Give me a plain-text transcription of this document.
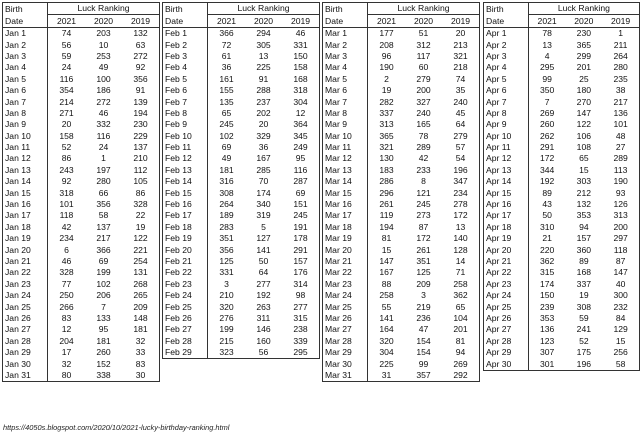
Birth	Luck Ranking		
Date	2021	2020	2019
Jan 1	74	203	132
Jan 2	56	10	63
Jan 3	59	253	272
Jan 4	24	49	92
Jan 5	116	100	356
Jan 6	354	186	91
Jan 7	214	272	139
Jan 8	271	46	194
Jan 9	20	332	230
Jan 10	158	116	229
Jan 11	52	24	137
Jan 12	86	1	210
Jan 13	243	197	112
Jan 14	92	280	105
Jan 15	318	66	86
Jan 16	101	356	328
Jan 17	118	58	22
Jan 18	42	137	19
Jan 19	234	217	122
Jan 20	6	366	221
Jan 21	46	69	254
Jan 22	328	199	131
Jan 23	77	102	268
Jan 24	250	206	265
Jan 25	266	7	209
Jan 26	83	133	148
Jan 27	12	95	181
Jan 28	204	181	32
Jan 29	17	260	33
Jan 30	32	152	83
Jan 31	80	338	30
Birth	Luck Ranking		
Date	2021	2020	2019
Feb 1	366	294	46
Feb 2	72	305	331
Feb 3	61	13	150
Feb 4	36	225	158
Feb 5	161	91	168
Feb 6	155	288	318
Feb 7	135	237	304
Feb 8	65	202	12
Feb 9	245	20	364
Feb 10	102	329	345
Feb 11	69	36	249
Feb 12	49	167	95
Feb 13	181	285	116
Feb 14	316	70	287
Feb 15	308	174	69
Feb 16	264	340	151
Feb 17	189	319	245
Feb 18	283	5	191
Feb 19	351	127	178
Feb 20	356	141	291
Feb 21	125	50	157
Feb 22	331	64	176
Feb 23	3	277	314
Feb 24	210	192	98
Feb 25	320	263	277
Feb 26	276	311	315
Feb 27	199	146	238
Feb 28	215	160	339
Feb 29	323	56	295
Birth	Luck Ranking		
Date	2021	2020	2019
Mar 1	177	51	20
Mar 2	208	312	213
Mar 3	96	117	321
Mar 4	190	60	218
Mar 5	2	279	74
Mar 6	19	200	35
Mar 7	282	327	240
Mar 8	337	240	45
Mar 9	313	165	64
Mar 10	365	78	279
Mar 11	321	289	57
Mar 12	130	42	54
Mar 13	183	233	196
Mar 14	286	8	347
Mar 15	296	121	234
Mar 16	261	245	278
Mar 17	119	273	172
Mar 18	194	87	13
Mar 19	81	172	140
Mar 20	15	261	128
Mar 21	147	351	14
Mar 22	167	125	71
Mar 23	88	209	258
Mar 24	258	3	362
Mar 25	55	219	65
Mar 26	141	236	104
Mar 27	164	47	201
Mar 28	320	154	81
Mar 29	304	154	94
Mar 30	225	99	269
Mar 31	31	357	292
Birth	Luck Ranking		
Date	2021	2020	2019
Apr 1	78	230	1
Apr 2	13	365	211
Apr 3	4	299	264
Apr 4	295	201	280
Apr 5	99	25	235
Apr 6	350	180	38
Apr 7	7	270	217
Apr 8	269	147	136
Apr 9	260	122	101
Apr 10	262	106	48
Apr 11	291	108	27
Apr 12	172	65	289
Apr 13	344	15	113
Apr 14	192	303	190
Apr 15	89	212	93
Apr 16	43	132	126
Apr 17	50	353	313
Apr 18	310	94	200
Apr 19	21	157	297
Apr 20	220	360	118
Apr 21	362	89	87
Apr 22	315	168	147
Apr 23	174	337	40
Apr 24	150	19	300
Apr 25	239	308	232
Apr 26	353	59	84
Apr 27	136	241	129
Apr 28	123	52	15
Apr 29	307	175	256
Apr 30	301	196	58
https://4050s.blogspot.com/2020/10/2021-lucky-birthday-ranking.html
